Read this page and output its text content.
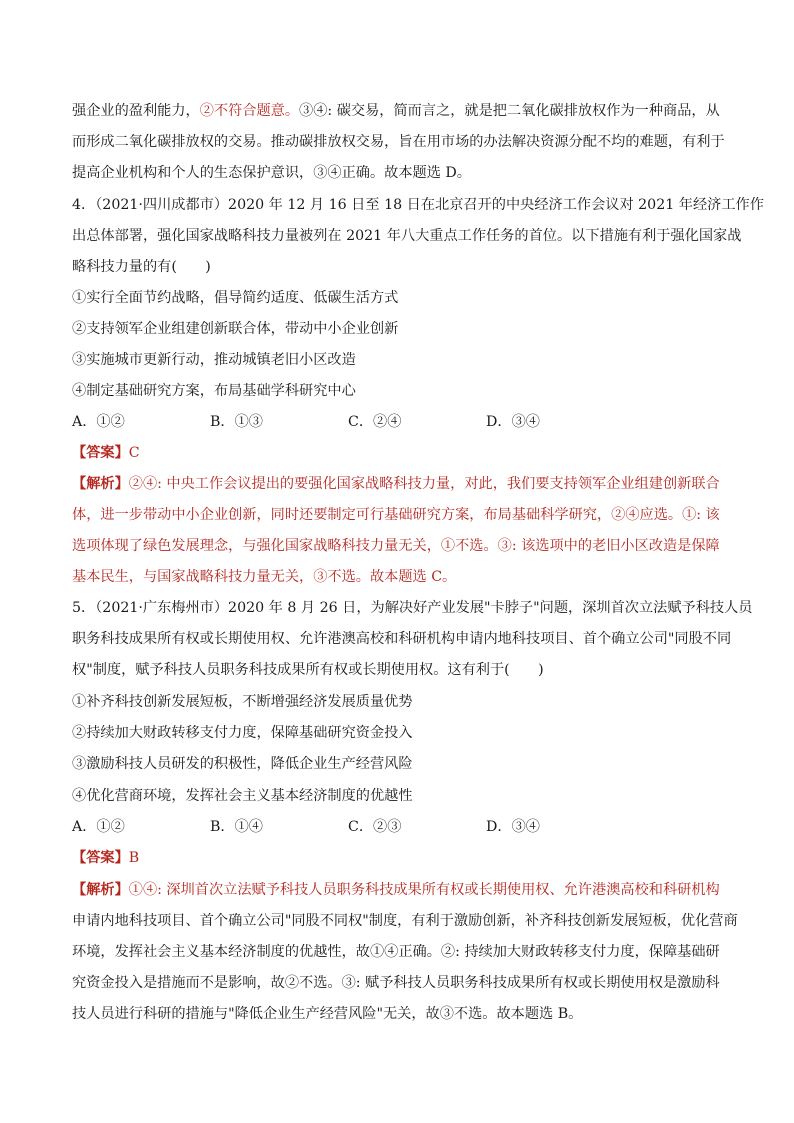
强企业的盈利能力，②不符合题意。③④: 碳交易，简而言之，就是把二氧化碳排放权作为一种商品，从
而形成二氧化碳排放权的交易。推动碳排放权交易，旨在用市场的办法解决资源分配不均的难题，有利于
提高企业机构和个人的生态保护意识，③④正确。故本题选 D。
4．（2021·四川成都市）2020 年 12 月 16 日至 18 日在北京召开的中央经济工作会议对 2021 年经济工作作
出总体部署，强化国家战略科技力量被列在 2021 年八大重点工作任务的首位。以下措施有利于强化国家战
略科技力量的有(　　)
①实行全面节约战略，倡导简约适度、低碳生活方式
②支持领军企业组建创新联合体，带动中小企业创新
③实施城市更新行动，推动城镇老旧小区改造
④制定基础研究方案，布局基础学科研究中心
A．①②	B．①③	C．②④	D．③④
【答案】C
【解析】②④: 中央工作会议提出的要强化国家战略科技力量，对此，我们要支持领军企业组建创新联合
体，进一步带动中小企业创新，同时还要制定可行基础研究方案，布局基础科学研究，②④应选。①: 该
选项体现了绿色发展理念，与强化国家战略科技力量无关，①不选。③: 该选项中的老旧小区改造是保障
基本民生，与国家战略科技力量无关，③不选。故本题选 C。
5．（2021·广东梅州市）2020 年 8 月 26 日，为解决好产业发展"卡脖子"问题，深圳首次立法赋予科技人员
职务科技成果所有权或长期使用权、允许港澳高校和科研机构申请内地科技项目、首个确立公司"同股不同
权"制度，赋予科技人员职务科技成果所有权或长期使用权。这有利于(　　)
①补齐科技创新发展短板，不断增强经济发展质量优势
②持续加大财政转移支付力度，保障基础研究资金投入
③激励科技人员研发的积极性，降低企业生产经营风险
④优化营商环境，发挥社会主义基本经济制度的优越性
A．①②	B．①④	C．②③	D．③④
【答案】B
【解析】①④: 深圳首次立法赋予科技人员职务科技成果所有权或长期使用权、允许港澳高校和科研机构
申请内地科技项目、首个确立公司"同股不同权"制度，有利于激励创新，补齐科技创新发展短板，优化营商
环境，发挥社会主义基本经济制度的优越性，故①④正确。②: 持续加大财政转移支付力度，保障基础研
究资金投入是措施而不是影响，故②不选。③: 赋予科技人员职务科技成果所有权或长期使用权是激励科
技人员进行科研的措施与"降低企业生产经营风险"无关，故③不选。故本题选 B。
